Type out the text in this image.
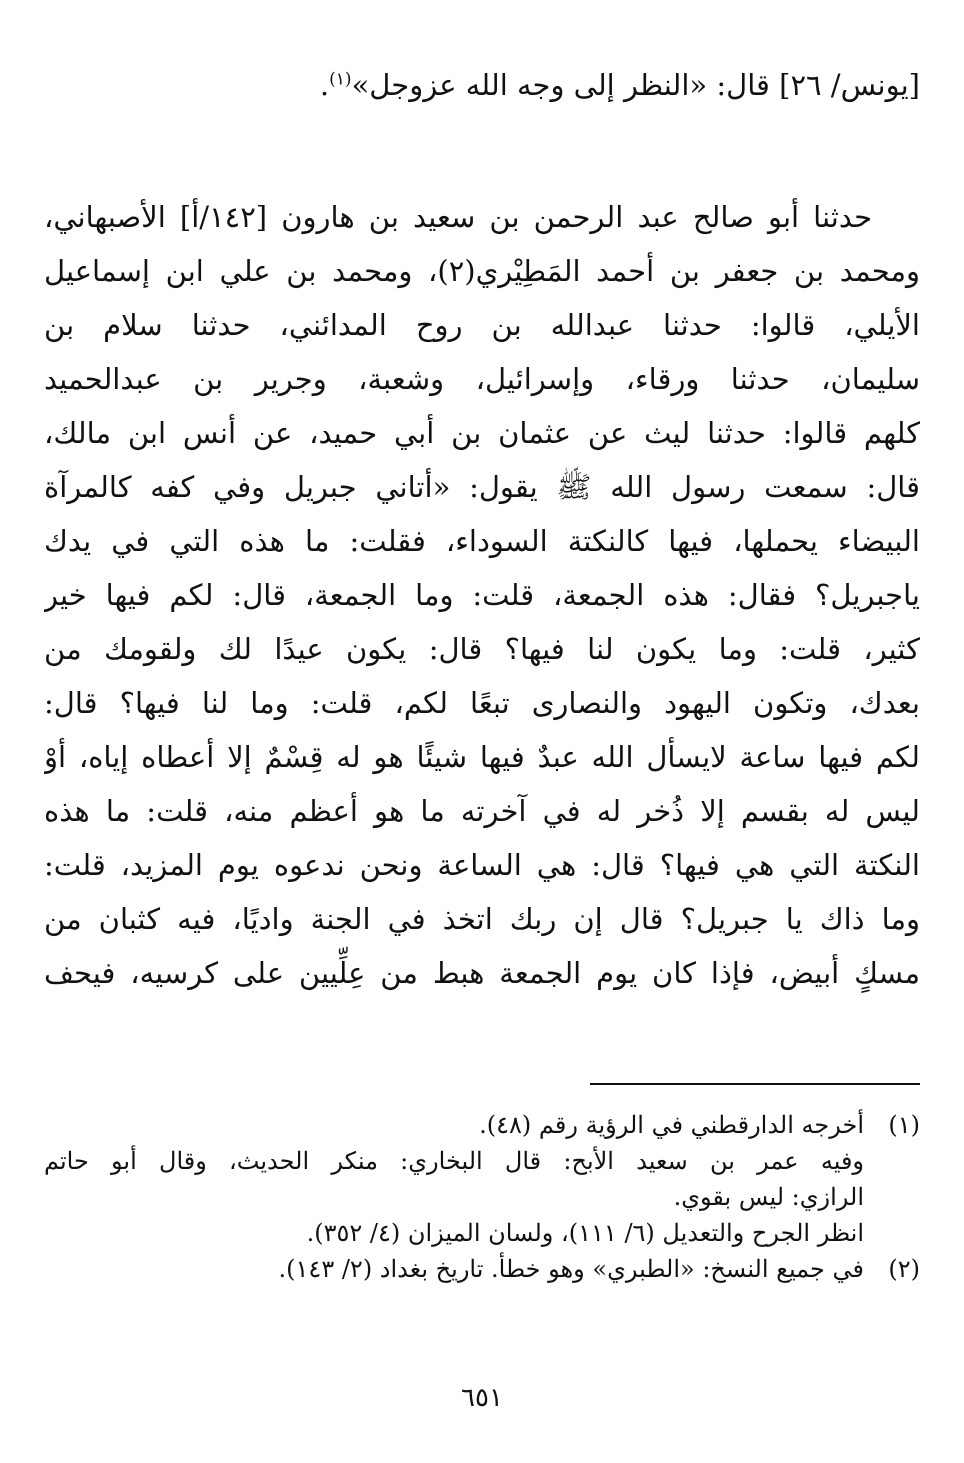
[يونس/ ٢٦] قال: «النظر إلى وجه الله عزوجل»$^{(١)}$.
حدثنا أبو صالح عبد الرحمن بن سعيد بن هارون [١٤٢/أ] الأصبهاني،
ومحمد بن جعفر بن أحمد المَطِيْري(٢)، ومحمد بن علي ابن إسماعيل
الأيلي، قالوا: حدثنا عبدالله بن روح المدائني، حدثنا سلام بن
سليمان، حدثنا ورقاء، وإسرائيل، وشعبة، وجرير بن عبدالحميد
كلهم قالوا: حدثنا ليث عن عثمان بن أبي حميد، عن أنس ابن مالك،
قال: سمعت رسول الله ﷺ يقول: «أتاني جبريل وفي كفه كالمرآة
البيضاء يحملها، فيها كالنكتة السوداء، فقلت: ما هذه التي في يدك
ياجبريل؟ فقال: هذه الجمعة، قلت: وما الجمعة، قال: لكم فيها خير
كثير، قلت: وما يكون لنا فيها؟ قال: يكون عيدًا لك ولقومك من
بعدك، وتكون اليهود والنصارى تبعًا لكم، قلت: وما لنا فيها؟ قال:
لكم فيها ساعة لايسأل الله عبدٌ فيها شيئًا هو له قِسْمٌ إلا أعطاه إياه، أوْ
ليس له بقسم إلا ذُخر له في آخرته ما هو أعظم منه، قلت: ما هذه
النكتة التي هي فيها؟ قال: هي الساعة ونحن ندعوه يوم المزيد، قلت:
وما ذاك يا جبريل؟ قال إن ربك اتخذ في الجنة واديًا، فيه كثبان من
مسكٍ أبيض، فإذا كان يوم الجمعة هبط من عِلِّيين على كرسيه، فيحف
(١)أخرجه الدارقطني في الرؤية رقم (٤٨).
وفيه عمر بن سعيد الأبح: قال البخاري: منكر الحديث، وقال أبو حاتم
الرازي: ليس بقوي.
انظر الجرح والتعديل (٦/ ١١١)، ولسان الميزان (٤/ ٣٥٢).
(٢)في جميع النسخ: «الطبري» وهو خطأ. تاريخ بغداد (٢/ ١٤٣).
٦٥١
